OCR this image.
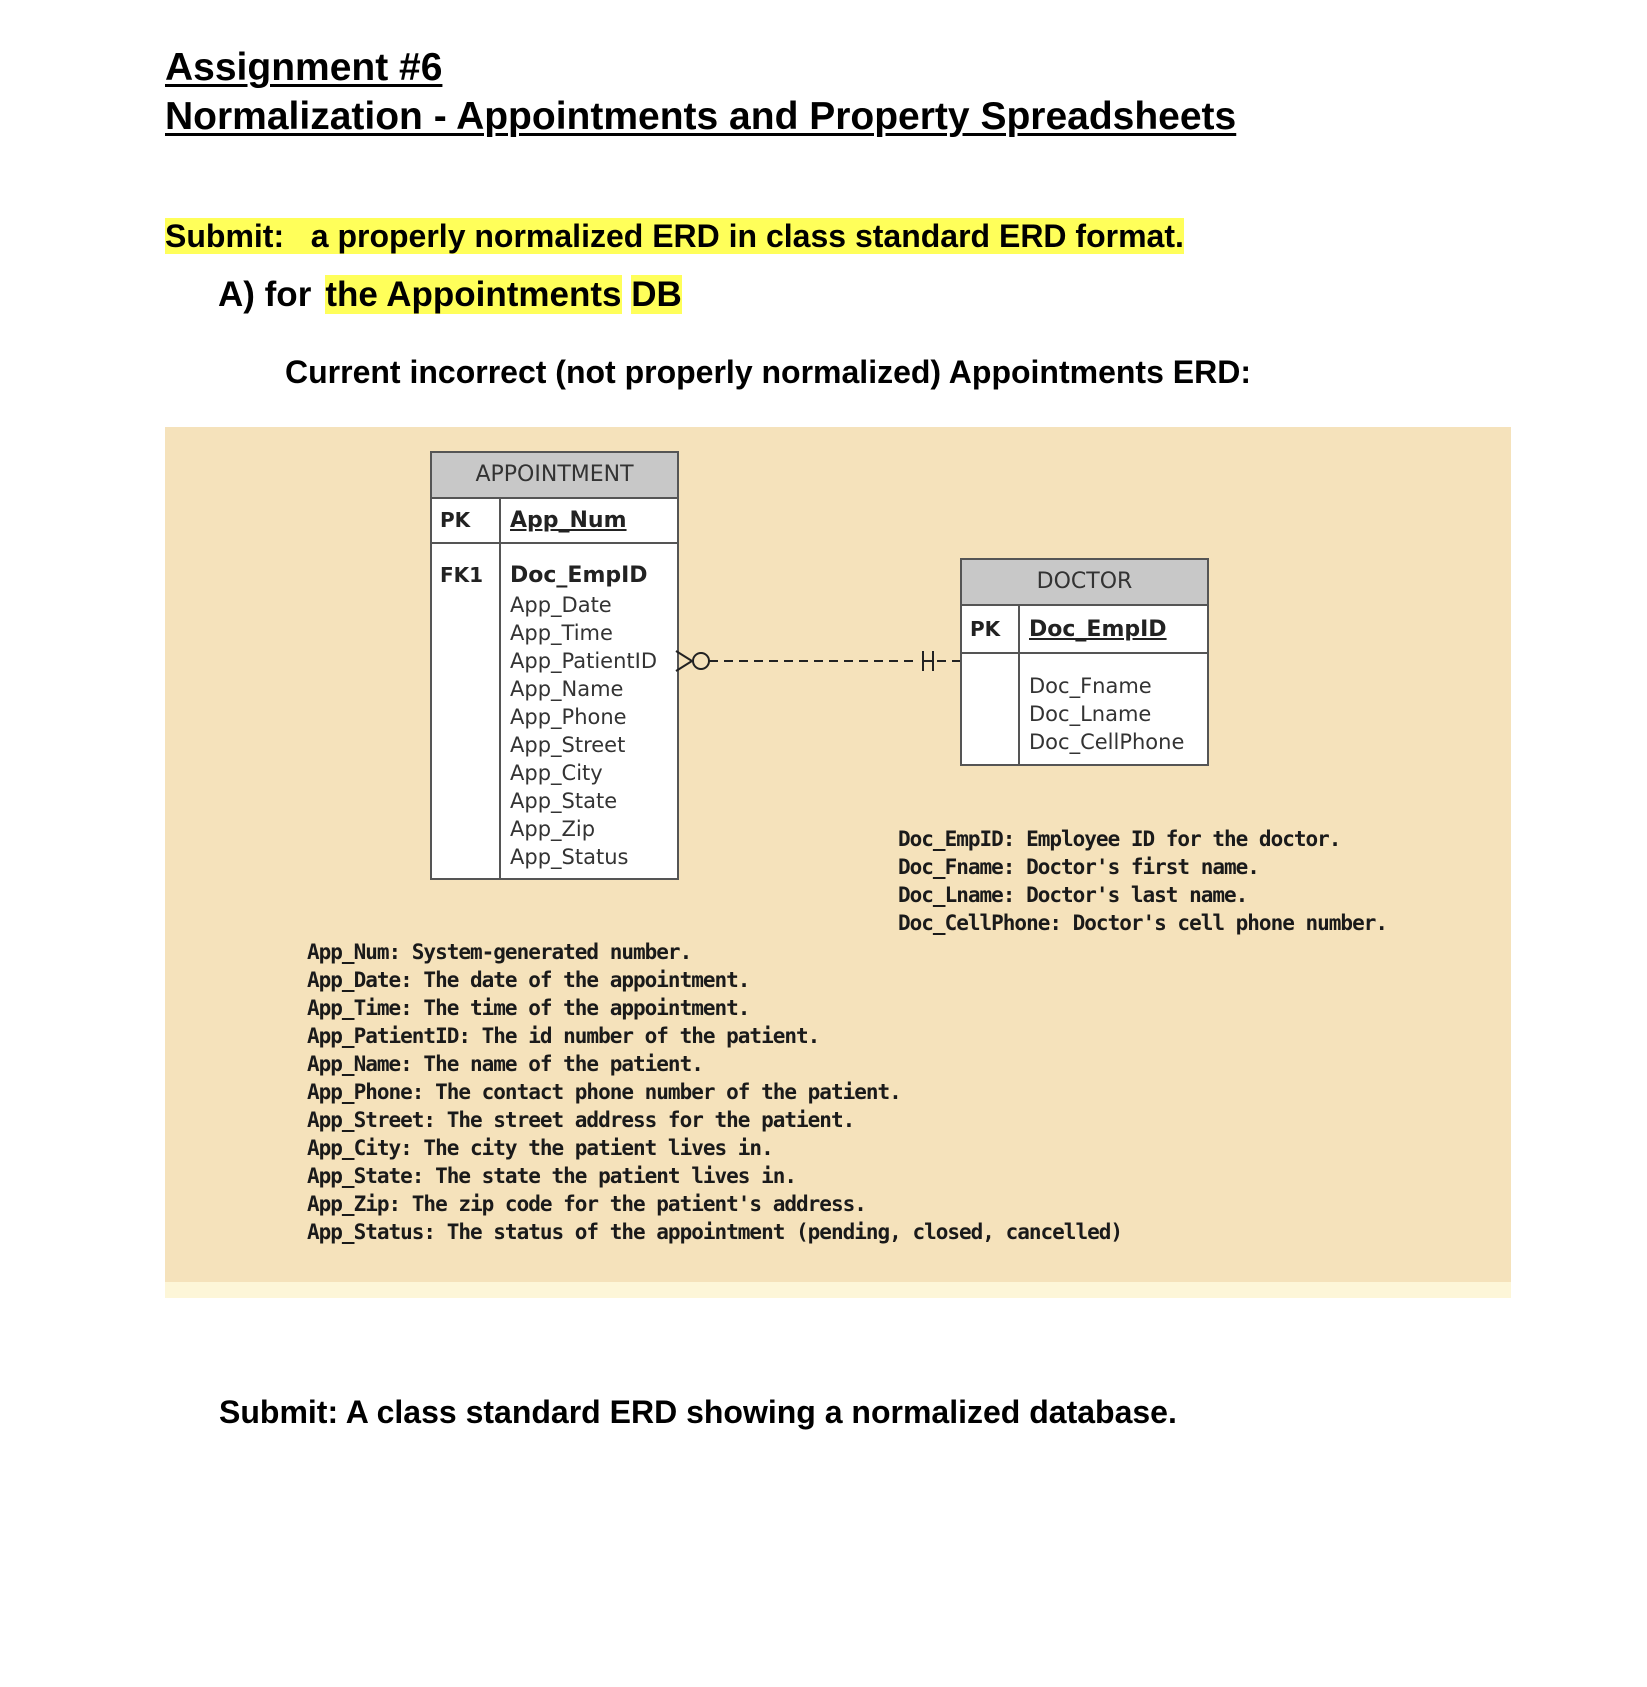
Assignment #6
Normalization - Appointments and Property Spreadsheets
Submit: a properly normalized ERD in class standard ERD format.
A) for the Appointments DB
Current incorrect (not properly normalized) Appointments ERD:
APPOINTMENT
PK App_Num
FK1 Doc_EmpID
App_Date
App_Time
App_PatientID
App_Name
App_Phone
App_Street
App_City
App_State
App_Zip
App_Status
DOCTOR
PK Doc_EmpID
Doc_Fname
Doc_Lname
Doc_CellPhone
Doc_EmpID: Employee ID for the doctor.
Doc_Fname: Doctor's first name.
Doc_Lname: Doctor's last name.
Doc_CellPhone: Doctor's cell phone number.
App_Num: System-generated number.
App_Date: The date of the appointment.
App_Time: The time of the appointment.
App_PatientID: The id number of the patient.
App_Name: The name of the patient.
App_Phone: The contact phone number of the patient.
App_Street: The street address for the patient.
App_City: The city the patient lives in.
App_State: The state the patient lives in.
App_Zip: The zip code for the patient's address.
App_Status: The status of the appointment (pending, closed, cancelled)
Submit: A class standard ERD showing a normalized database.
